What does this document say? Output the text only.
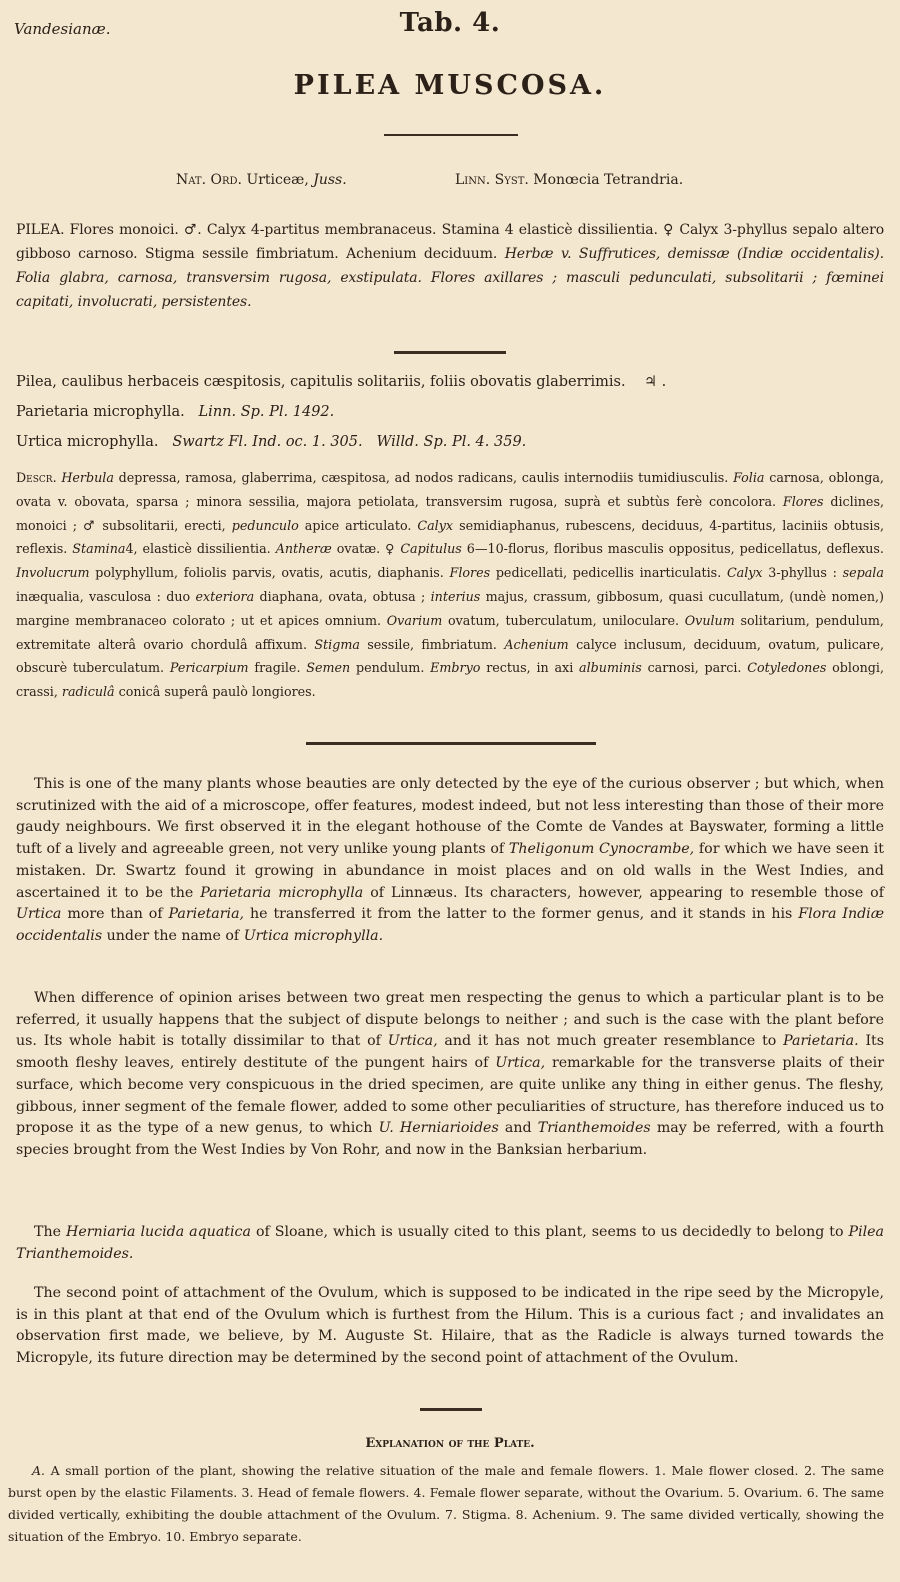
Vandesianæ.	Tab. 4.
PILEA MUSCOSA.
Nat. Ord. Urticeæ, Juss.	Linn. Syst. Monœcia Tetrandria.
PILEA. Flores monoici. ♂. Calyx 4-partitus membranaceus. Stamina 4 elasticè dissilientia. ♀ Calyx 3-phyllus sepalo altero gibboso carnoso. Stigma sessile fimbriatum. Achenium deciduum. Herbæ v. Suffrutices, demissæ (Indiæ occidentalis). Folia glabra, carnosa, transversim rugosa, exstipulata. Flores axillares ; masculi pedunculati, subsolitarii ; fœminei capitati, involucrati, persistentes.
Pilea, caulibus herbaceis cæspitosis, capitulis solitariis, foliis obovatis glaberrimis. ♃ .
Parietaria microphylla. Linn. Sp. Pl. 1492.
Urtica microphylla. Swartz Fl. Ind. oc. 1. 305. Willd. Sp. Pl. 4. 359.
Descr. Herbula depressa, ramosa, glaberrima, cæspitosa, ad nodos radicans, caulis internodiis tumidiusculis. Folia carnosa, oblonga, ovata v. obovata, sparsa ; minora sessilia, majora petiolata, transversim rugosa, suprà et subtùs ferè concolora. Flores diclines, monoici ; ♂ subsolitarii, erecti, pedunculo apice articulato. Calyx semidiaphanus, rubescens, deciduus, 4-partitus, laciniis obtusis, reflexis. Stamina4, elasticè dissilientia. Antheræ ovatæ. ♀ Capitulus 6—10-florus, floribus masculis oppositus, pedicellatus, deflexus. Involucrum polyphyllum, foliolis parvis, ovatis, acutis, diaphanis. Flores pedicellati, pedicellis inarticulatis. Calyx 3-phyllus : sepala inæqualia, vasculosa : duo exteriora diaphana, ovata, obtusa ; interius majus, crassum, gibbosum, quasi cucullatum, (undè nomen,) margine membranaceo colorato ; ut et apices omnium. Ovarium ovatum, tuberculatum, uniloculare. Ovulum solitarium, pendulum, extremitate alterâ ovario chordulâ affixum. Stigma sessile, fimbriatum. Achenium calyce inclusum, deciduum, ovatum, pulicare, obscurè tuberculatum. Pericarpium fragile. Semen pendulum. Embryo rectus, in axi albuminis carnosi, parci. Cotyledones oblongi, crassi, radiculâ conicâ superâ paulò longiores.
This is one of the many plants whose beauties are only detected by the eye of the curious observer ; but which, when scrutinized with the aid of a microscope, offer features, modest indeed, but not less interesting than those of their more gaudy neighbours. We first observed it in the elegant hothouse of the Comte de Vandes at Bayswater, forming a little tuft of a lively and agreeable green, not very unlike young plants of Theligonum Cynocrambe, for which we have seen it mistaken. Dr. Swartz found it growing in abundance in moist places and on old walls in the West Indies, and ascertained it to be the Parietaria microphylla of Linnæus. Its characters, however, appearing to resemble those of Urtica more than of Parietaria, he transferred it from the latter to the former genus, and it stands in his Flora Indiæ occidentalis under the name of Urtica microphylla.
When difference of opinion arises between two great men respecting the genus to which a particular plant is to be referred, it usually happens that the subject of dispute belongs to neither ; and such is the case with the plant before us. Its whole habit is totally dissimilar to that of Urtica, and it has not much greater resemblance to Parietaria. Its smooth fleshy leaves, entirely destitute of the pungent hairs of Urtica, remarkable for the transverse plaits of their surface, which become very conspicuous in the dried specimen, are quite unlike any thing in either genus. The fleshy, gibbous, inner segment of the female flower, added to some other peculiarities of structure, has therefore induced us to propose it as the type of a new genus, to which U. Herniarioides and Trianthemoides may be referred, with a fourth species brought from the West Indies by Von Rohr, and now in the Banksian herbarium.
The Herniaria lucida aquatica of Sloane, which is usually cited to this plant, seems to us decidedly to belong to Pilea Trianthemoides.
The second point of attachment of the Ovulum, which is supposed to be indicated in the ripe seed by the Micropyle, is in this plant at that end of the Ovulum which is furthest from the Hilum. This is a curious fact ; and invalidates an observation first made, we believe, by M. Auguste St. Hilaire, that as the Radicle is always turned towards the Micropyle, its future direction may be determined by the second point of attachment of the Ovulum.
Explanation of the Plate.
A. A small portion of the plant, showing the relative situation of the male and female flowers. 1. Male flower closed. 2. The same burst open by the elastic Filaments. 3. Head of female flowers. 4. Female flower separate, without the Ovarium. 5. Ovarium. 6. The same divided vertically, exhibiting the double attachment of the Ovulum. 7. Stigma. 8. Achenium. 9. The same divided vertically, showing the situation of the Embryo. 10. Embryo separate.
